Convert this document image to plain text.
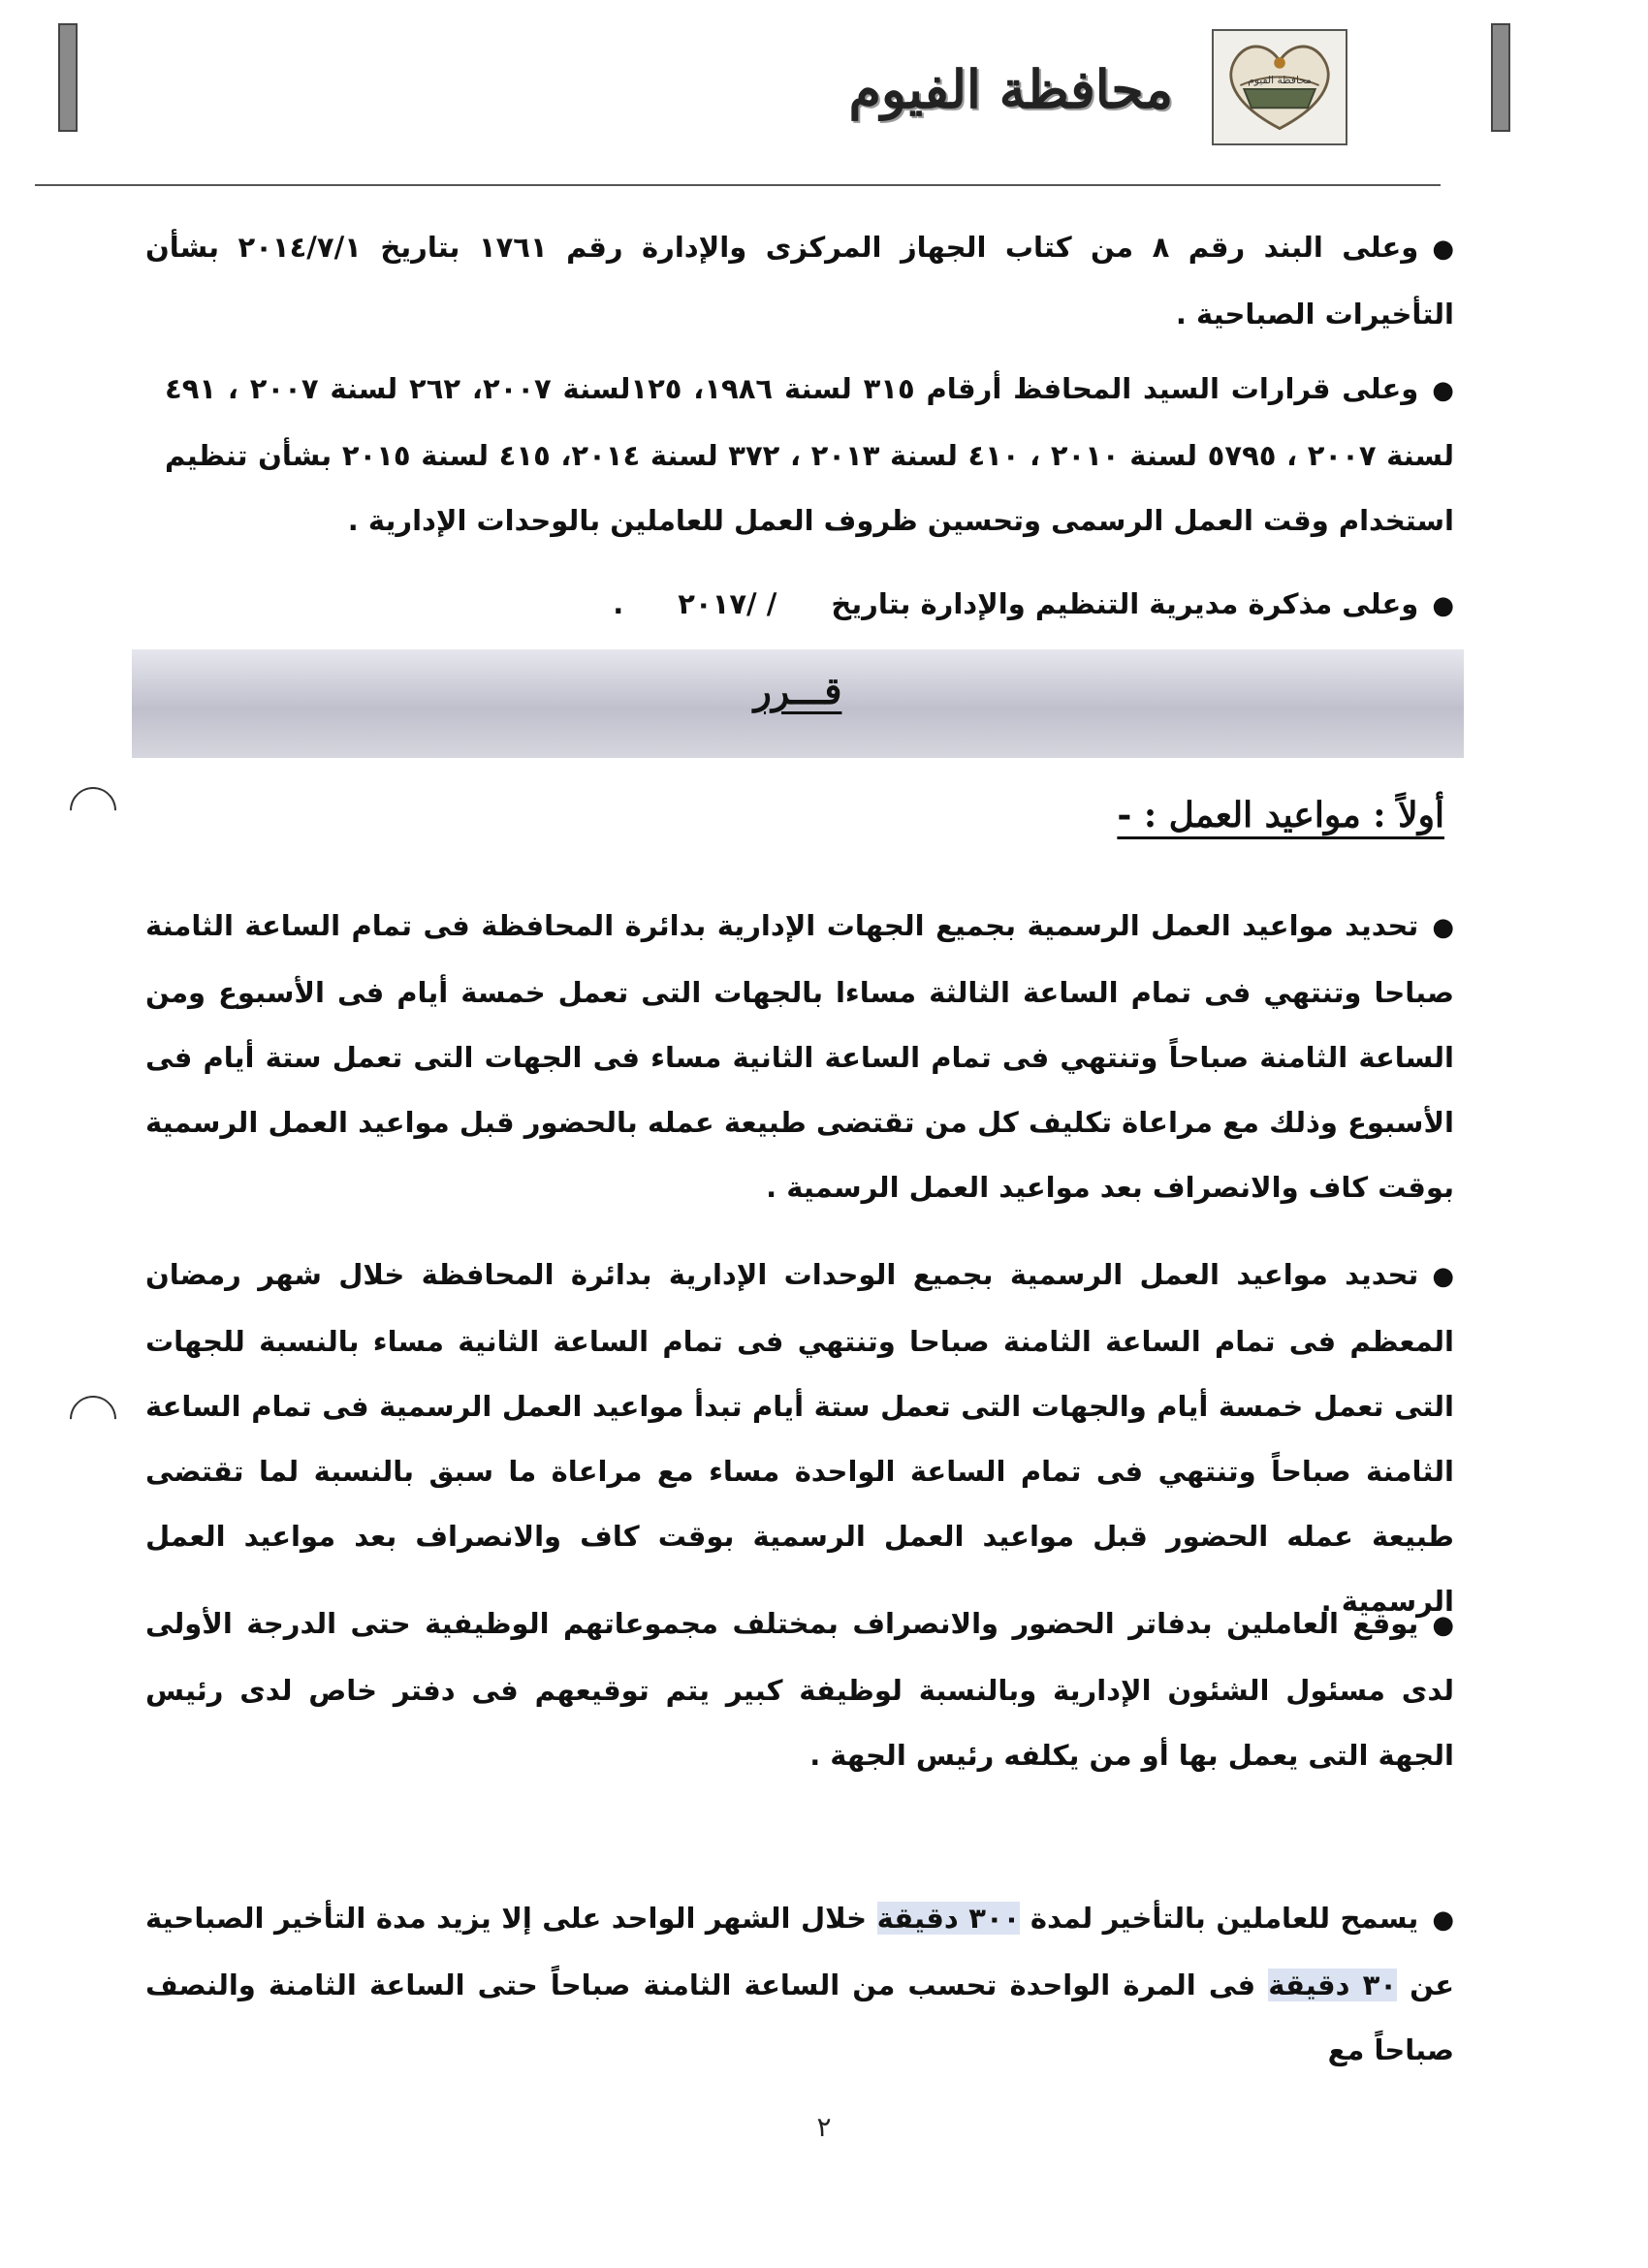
محافظة الفيوم
محافظة الفيوم
●وعلى البند رقم ٨ من كتاب الجهاز المركزى والإدارة رقم ١٧٦١ بتاريخ ٢٠١٤/٧/١ بشأن التأخيرات الصباحية .
●وعلى قرارات السيد المحافظ أرقام ٣١٥ لسنة ١٩٨٦، ١٢٥لسنة ٢٠٠٧، ٢٦٢ لسنة ٢٠٠٧ ، ٤٩١ لسنة ٢٠٠٧ ، ٥٧٩٥ لسنة ٢٠١٠ ، ٤١٠ لسنة ٢٠١٣ ، ٣٧٢ لسنة ٢٠١٤، ٤١٥ لسنة ٢٠١٥ بشأن تنظيم استخدام وقت العمل الرسمى وتحسين ظروف العمل للعاملين بالوحدات الإدارية .
●وعلى مذكرة مديرية التنظيم والإدارة بتاريخ/ /٢٠١٧.
قـــرر
أولاً : مواعيد العمل : -
●تحديد مواعيد العمل الرسمية بجميع الجهات الإدارية بدائرة المحافظة فى تمام الساعة الثامنة صباحا وتنتهي فى تمام الساعة الثالثة مساءا بالجهات التى تعمل خمسة أيام فى الأسبوع ومن الساعة الثامنة صباحاً وتنتهي فى تمام الساعة الثانية مساء فى الجهات التى تعمل ستة أيام فى الأسبوع وذلك مع مراعاة تكليف كل من تقتضى طبيعة عمله بالحضور قبل مواعيد العمل الرسمية بوقت كاف والانصراف بعد مواعيد العمل الرسمية .
●تحديد مواعيد العمل الرسمية بجميع الوحدات الإدارية بدائرة المحافظة خلال شهر رمضان المعظم فى تمام الساعة الثامنة صباحا وتنتهي فى تمام الساعة الثانية مساء بالنسبة للجهات التى تعمل خمسة أيام والجهات التى تعمل ستة أيام تبدأ مواعيد العمل الرسمية فى تمام الساعة الثامنة صباحاً وتنتهي فى تمام الساعة الواحدة مساء مع مراعاة ما سبق بالنسبة لما تقتضى طبيعة عمله الحضور قبل مواعيد العمل الرسمية بوقت كاف والانصراف بعد مواعيد العمل الرسمية .
●يوقع العاملين بدفاتر الحضور والانصراف بمختلف مجموعاتهم الوظيفية حتى الدرجة الأولى لدى مسئول الشئون الإدارية وبالنسبة لوظيفة كبير يتم توقيعهم فى دفتر خاص لدى رئيس الجهة التى يعمل بها أو من يكلفه رئيس الجهة .
●يسمح للعاملين بالتأخير لمدة ٣٠٠ دقيقة خلال الشهر الواحد على إلا يزيد مدة التأخير الصباحية عن ٣٠ دقيقة فى المرة الواحدة تحسب من الساعة الثامنة صباحاً حتى الساعة الثامنة والنصف صباحاً مع
٢
